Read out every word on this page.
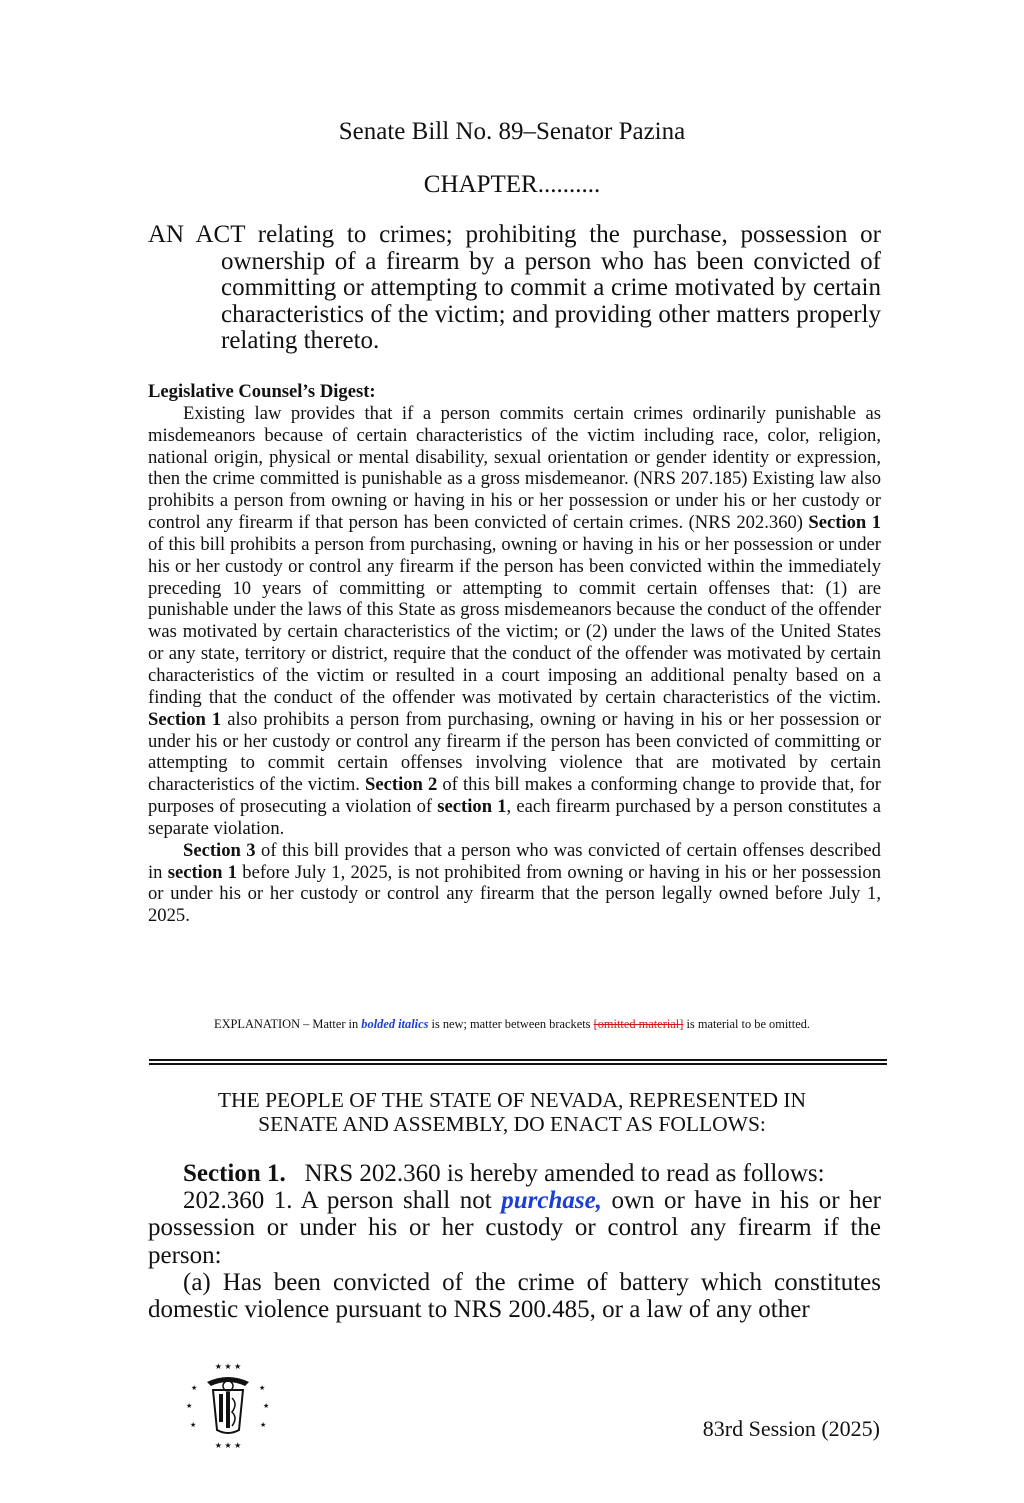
Senate Bill No. 89–Senator Pazina
CHAPTER..........
AN ACT relating to crimes; prohibiting the purchase, possession or ownership of a firearm by a person who has been convicted of committing or attempting to commit a crime motivated by certain characteristics of the victim; and providing other matters properly relating thereto.
Legislative Counsel’s Digest:

Existing law provides that if a person commits certain crimes ordinarily punishable as misdemeanors because of certain characteristics of the victim including race, color, religion, national origin, physical or mental disability, sexual orientation or gender identity or expression, then the crime committed is punishable as a gross misdemeanor. (NRS 207.185) Existing law also prohibits a person from owning or having in his or her possession or under his or her custody or control any firearm if that person has been convicted of certain crimes. (NRS 202.360) Section 1 of this bill prohibits a person from purchasing, owning or having in his or her possession or under his or her custody or control any firearm if the person has been convicted within the immediately preceding 10 years of committing or attempting to commit certain offenses that: (1) are punishable under the laws of this State as gross misdemeanors because the conduct of the offender was motivated by certain characteristics of the victim; or (2) under the laws of the United States or any state, territory or district, require that the conduct of the offender was motivated by certain characteristics of the victim or resulted in a court imposing an additional penalty based on a finding that the conduct of the offender was motivated by certain characteristics of the victim. Section 1 also prohibits a person from purchasing, owning or having in his or her possession or under his or her custody or control any firearm if the person has been convicted of committing or attempting to commit certain offenses involving violence that are motivated by certain characteristics of the victim. Section 2 of this bill makes a conforming change to provide that, for purposes of prosecuting a violation of section 1, each firearm purchased by a person constitutes a separate violation.

Section 3 of this bill provides that a person who was convicted of certain offenses described in section 1 before July 1, 2025, is not prohibited from owning or having in his or her possession or under his or her custody or control any firearm that the person legally owned before July 1, 2025.

EXPLANATION – Matter in bolded italics is new; matter between brackets [omitted material] is material to be omitted.
THE PEOPLE OF THE STATE OF NEVADA, REPRESENTED IN
SENATE AND ASSEMBLY, DO ENACT AS FOLLOWS:

Section 1. NRS 202.360 is hereby amended to read as follows:

202.360 1. A person shall not purchase, own or have in his or her possession or under his or her custody or control any firearm if the person:

(a) Has been convicted of the crime of battery which constitutes domestic violence pursuant to NRS 200.485, or a law of any other

★ ★ ★
★	★
★	★
★	★
★ ★ ★
83rd Session (2025)
